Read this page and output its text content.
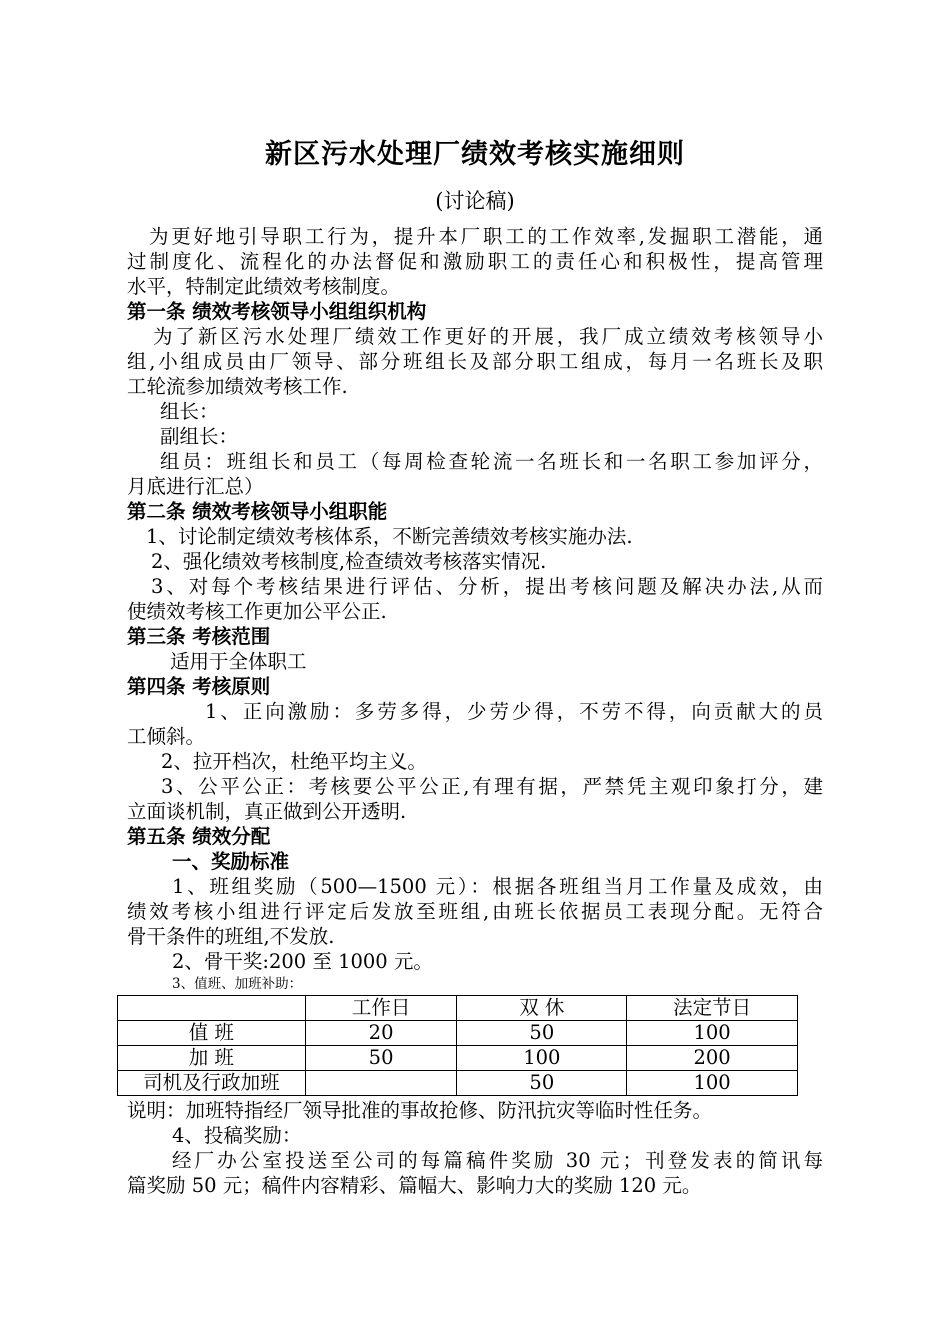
新区污水处理厂绩效考核实施细则
(讨论稿)
为更好地引导职工行为，提升本厂职工的工作效率,发掘职工潜能，通
过制度化、流程化的办法督促和激励职工的责任心和积极性，提高管理
水平，特制定此绩效考核制度。
第一条 绩效考核领导小组组织机构
为了新区污水处理厂绩效工作更好的开展，我厂成立绩效考核领导小
组,小组成员由厂领导、部分班组长及部分职工组成，每月一名班长及职
工轮流参加绩效考核工作.
组长：
副组长：
组员：班组长和员工（每周检查轮流一名班长和一名职工参加评分，
月底进行汇总）
第二条 绩效考核领导小组职能
1、讨论制定绩效考核体系，不断完善绩效考核实施办法.
2、强化绩效考核制度,检查绩效考核落实情况.
3、对每个考核结果进行评估、分析，提出考核问题及解决办法,从而
使绩效考核工作更加公平公正.
第三条 考核范围
适用于全体职工
第四条 考核原则
1、正向激励：多劳多得，少劳少得，不劳不得，向贡献大的员
工倾斜。
2、拉开档次，杜绝平均主义。
3、公平公正：考核要公平公正,有理有据，严禁凭主观印象打分，建
立面谈机制，真正做到公开透明.
第五条 绩效分配
一、奖励标准
1、班组奖励（500—1500 元）：根据各班组当月工作量及成效，由
绩效考核小组进行评定后发放至班组,由班长依据员工表现分配。无符合
骨干条件的班组,不发放.
2、骨干奖:200 至 1000 元。
3、值班、加班补助：
	工作日	双 休	法定节日
值 班	20	50	100
加 班	50	100	200
司机及行政加班		50	100
说明：加班特指经厂领导批准的事故抢修、防汛抗灾等临时性任务。
4、投稿奖励：
经厂办公室投送至公司的每篇稿件奖励 30 元；刊登发表的简讯每
篇奖励 50 元；稿件内容精彩、篇幅大、影响力大的奖励 120 元。
